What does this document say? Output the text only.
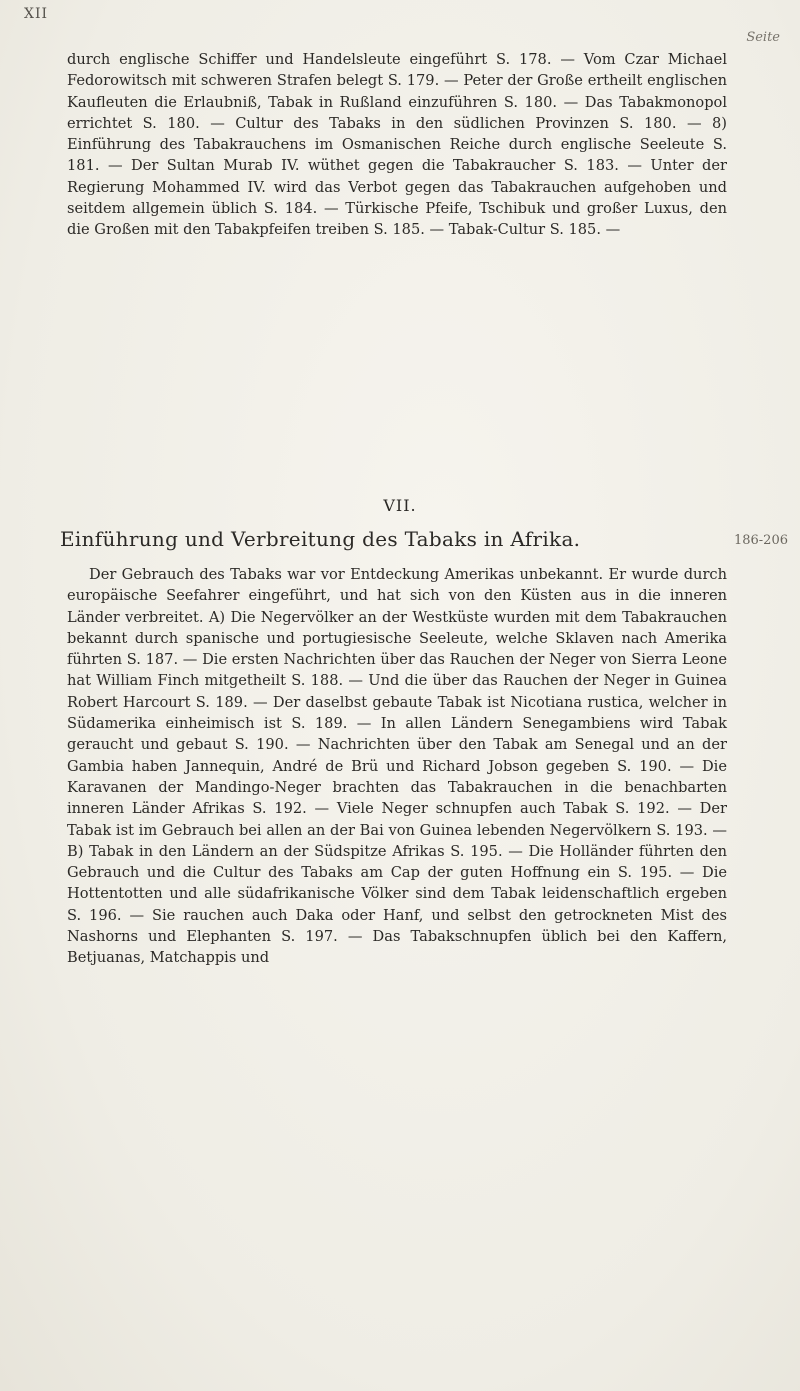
XII
Seite

durch englische Schiffer und Handelsleute eingeführt S. 178. — Vom Czar Michael Fedorowitsch mit schweren Strafen belegt S. 179. — Peter der Große ertheilt englischen Kaufleuten die Erlaubniß, Tabak in Rußland einzuführen S. 180. — Das Tabakmonopol errichtet S. 180. — Cultur des Tabaks in den südlichen Provinzen S. 180. — 8) Einführung des Tabakrauchens im Osmanischen Reiche durch englische Seeleute S. 181. — Der Sultan Murab IV. wüthet gegen die Tabakraucher S. 183. — Unter der Regierung Mohammed IV. wird das Verbot gegen das Tabakrauchen aufgehoben und seitdem allgemein üblich S. 184. — Türkische Pfeife, Tschibuk und großer Luxus, den die Großen mit den Tabakpfeifen treiben S. 185. — Tabak-Cultur S. 185. —

VII.
Einführung und Verbreitung des Tabaks in Afrika.	186-206

Der Gebrauch des Tabaks war vor Entdeckung Amerikas unbekannt. Er wurde durch europäische Seefahrer eingeführt, und hat sich von den Küsten aus in die inneren Länder verbreitet. A) Die Negervölker an der Westküste wurden mit dem Tabakrauchen bekannt durch spanische und portugiesische Seeleute, welche Sklaven nach Amerika führten S. 187. — Die ersten Nachrichten über das Rauchen der Neger von Sierra Leone hat William Finch mitgetheilt S. 188. — Und die über das Rauchen der Neger in Guinea Robert Harcourt S. 189. — Der daselbst gebaute Tabak ist Nicotiana rustica, welcher in Südamerika einheimisch ist S. 189. — In allen Ländern Senegambiens wird Tabak geraucht und gebaut S. 190. — Nachrichten über den Tabak am Senegal und an der Gambia haben Jannequin, André de Brü und Richard Jobson gegeben S. 190. — Die Karavanen der Mandingo-Neger brachten das Tabakrauchen in die benachbarten inneren Länder Afrikas S. 192. — Viele Neger schnupfen auch Tabak S. 192. — Der Tabak ist im Gebrauch bei allen an der Bai von Guinea lebenden Negervölkern S. 193. — B) Tabak in den Ländern an der Südspitze Afrikas S. 195. — Die Holländer führten den Gebrauch und die Cultur des Tabaks am Cap der guten Hoffnung ein S. 195. — Die Hottentotten und alle südafrikanische Völker sind dem Tabak leidenschaftlich ergeben S. 196. — Sie rauchen auch Daka oder Hanf, und selbst den getrockneten Mist des Nashorns und Elephanten S. 197. — Das Tabakschnupfen üblich bei den Kaffern, Betjuanas, Matchappis und
